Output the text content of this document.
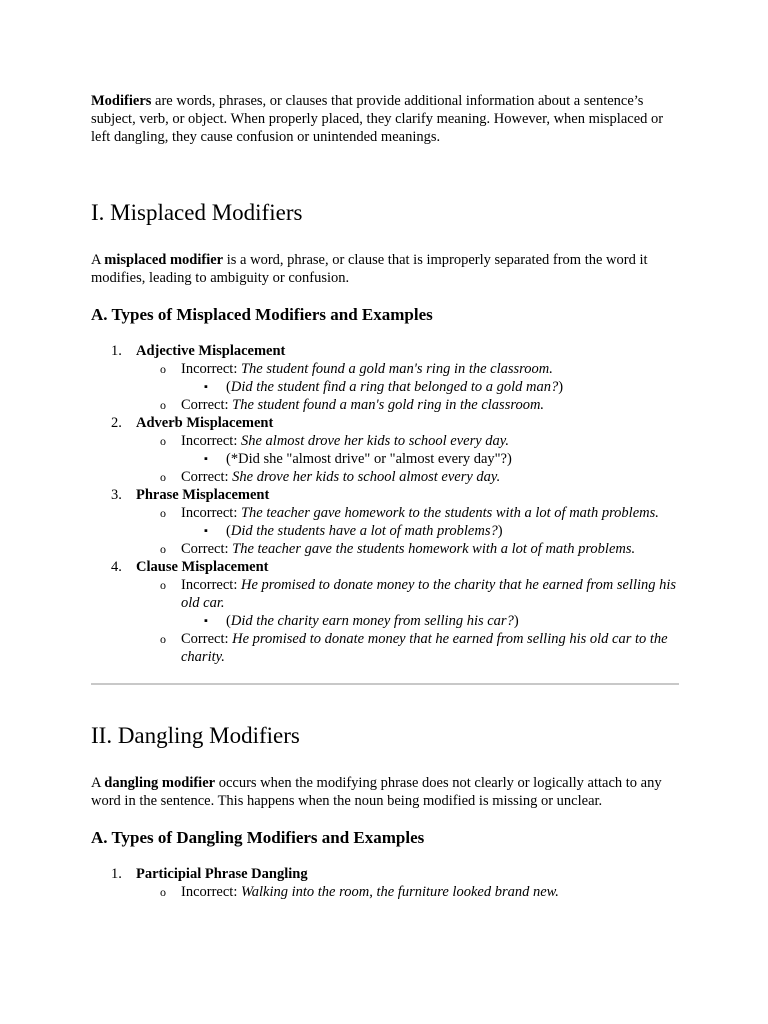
Modifiers are words, phrases, or clauses that provide additional information about a sentence’s subject, verb, or object. When properly placed, they clarify meaning. However, when misplaced or left dangling, they cause confusion or unintended meanings.

I. Misplaced Modifiers

A misplaced modifier is a word, phrase, or clause that is improperly separated from the word it modifies, leading to ambiguity or confusion.

A. Types of Misplaced Modifiers and Examples
1. Adjective Misplacement
o Incorrect: The student found a gold man's ring in the classroom.
▪ (Did the student find a ring that belonged to a gold man?)
o Correct: The student found a man's gold ring in the classroom.
2. Adverb Misplacement
o Incorrect: She almost drove her kids to school every day.
▪ (*Did she "almost drive" or "almost every day"?)
o Correct: She drove her kids to school almost every day.
3. Phrase Misplacement
o Incorrect: The teacher gave homework to the students with a lot of math problems.
▪ (Did the students have a lot of math problems?)
o Correct: The teacher gave the students homework with a lot of math problems.
4. Clause Misplacement
o Incorrect: He promised to donate money to the charity that he earned from selling his old car.
▪ (Did the charity earn money from selling his car?)
o Correct: He promised to donate money that he earned from selling his old car to the charity.
II. Dangling Modifiers

A dangling modifier occurs when the modifying phrase does not clearly or logically attach to any word in the sentence. This happens when the noun being modified is missing or unclear.

A. Types of Dangling Modifiers and Examples
1. Participial Phrase Dangling
o Incorrect: Walking into the room, the furniture looked brand new.
